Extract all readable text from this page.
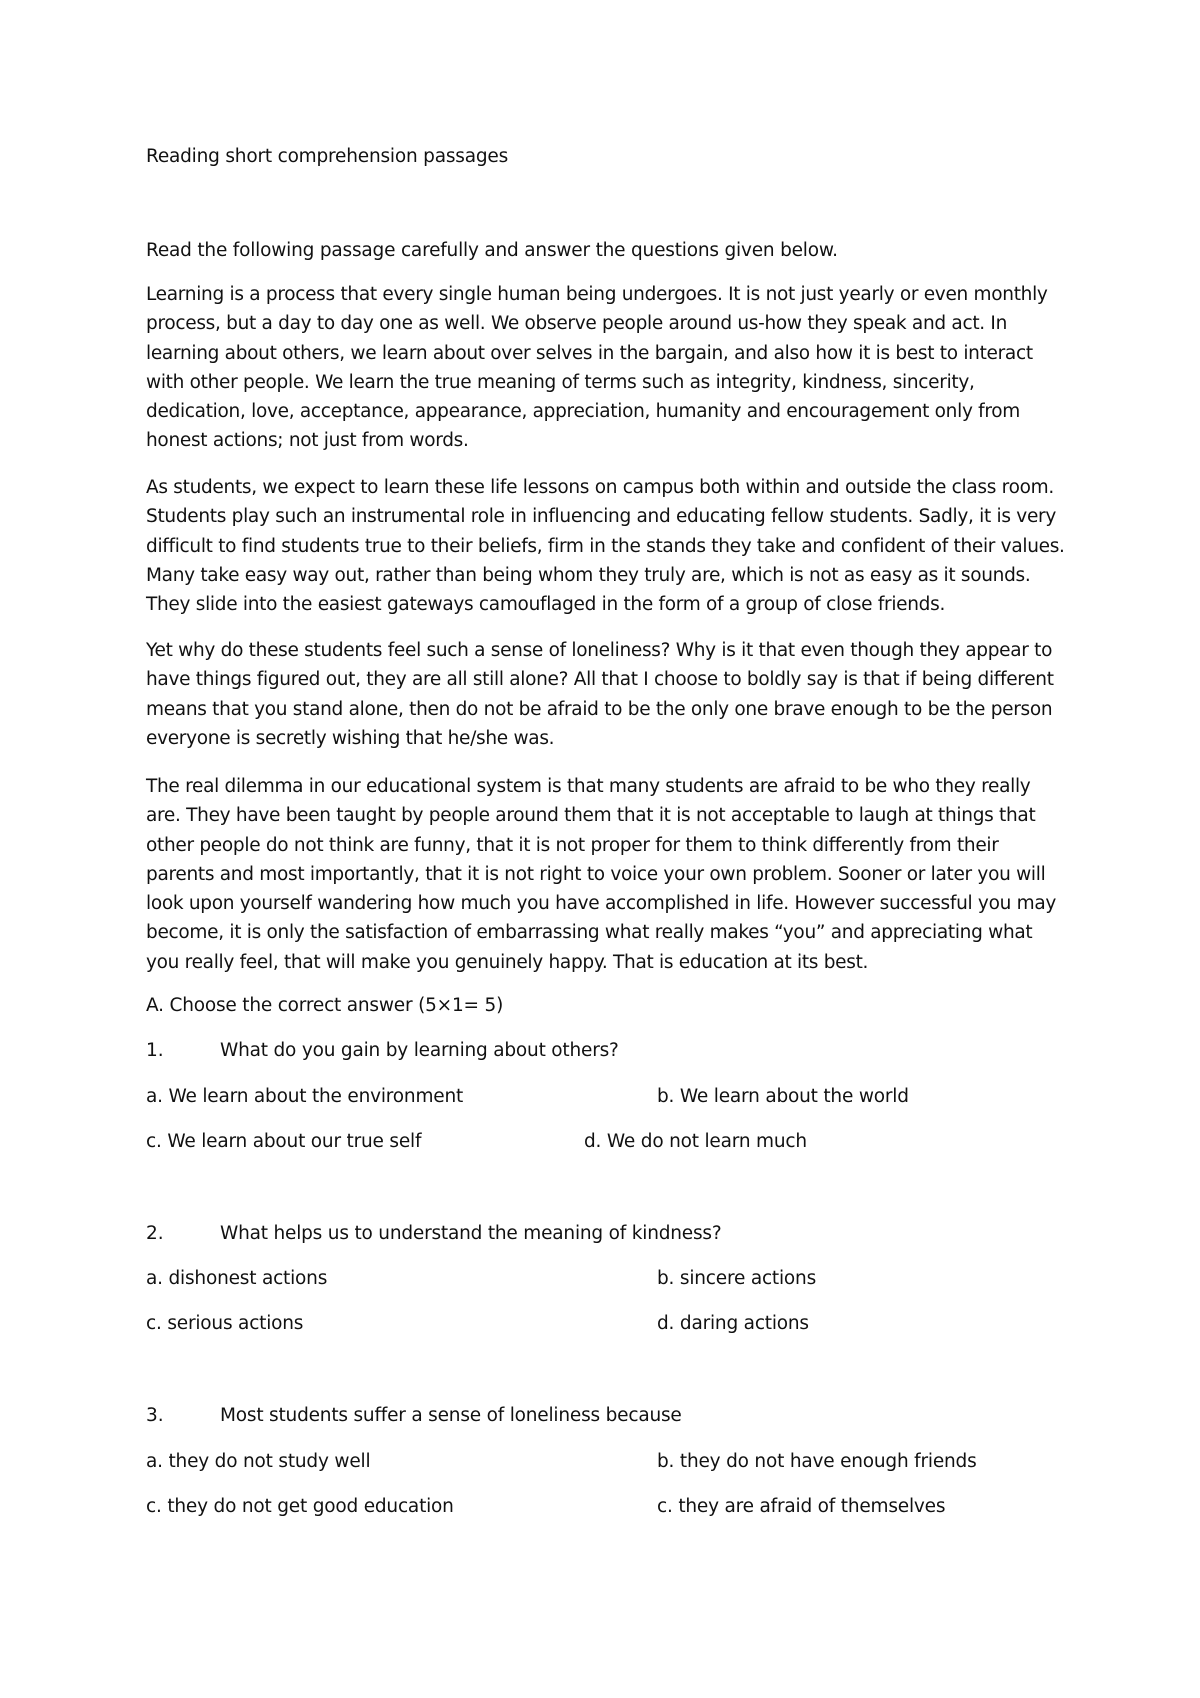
Reading short comprehension passages
Read the following passage carefully and answer the questions given below.

Learning is a process that every single human being undergoes. It is not just yearly or even monthly process, but a day to day one as well. We observe people around us-how they speak and act. In learning about others, we learn about over selves in the bargain, and also how it is best to interact with other people. We learn the true meaning of terms such as integrity, kindness, sincerity, dedication, love, acceptance, appearance, appreciation, humanity and encouragement only from honest actions; not just from words.

As students, we expect to learn these life lessons on campus both within and outside the class room. Students play such an instrumental role in influencing and educating fellow students. Sadly, it is very difficult to find students true to their beliefs, firm in the stands they take and confident of their values. Many take easy way out, rather than being whom they truly are, which is not as easy as it sounds. They slide into the easiest gateways camouflaged in the form of a group of close friends.

Yet why do these students feel such a sense of loneliness? Why is it that even though they appear to have things figured out, they are all still alone? All that I choose to boldly say is that if being different means that you stand alone, then do not be afraid to be the only one brave enough to be the person everyone is secretly wishing that he/she was.

The real dilemma in our educational system is that many students are afraid to be who they really are. They have been taught by people around them that it is not acceptable to laugh at things that other people do not think are funny, that it is not proper for them to think differently from their parents and most importantly, that it is not right to voice your own problem. Sooner or later you will look upon yourself wandering how much you have accomplished in life. However successful you may become, it is only the satisfaction of embarrassing what really makes “you” and appreciating what you really feel, that will make you genuinely happy. That is education at its best.

A. Choose the correct answer (5×1= 5)
1.	What do you gain by learning about others?
a. We learn about the environment	b. We learn about the world
c. We learn about our true self	d. We do not learn much
2.	What helps us to understand the meaning of kindness?
a. dishonest actions	b. sincere actions
c. serious actions	d. daring actions
3.	Most students suffer a sense of loneliness because
a. they do not study well	b. they do not have enough friends
c. they do not get good education	c. they are afraid of themselves
